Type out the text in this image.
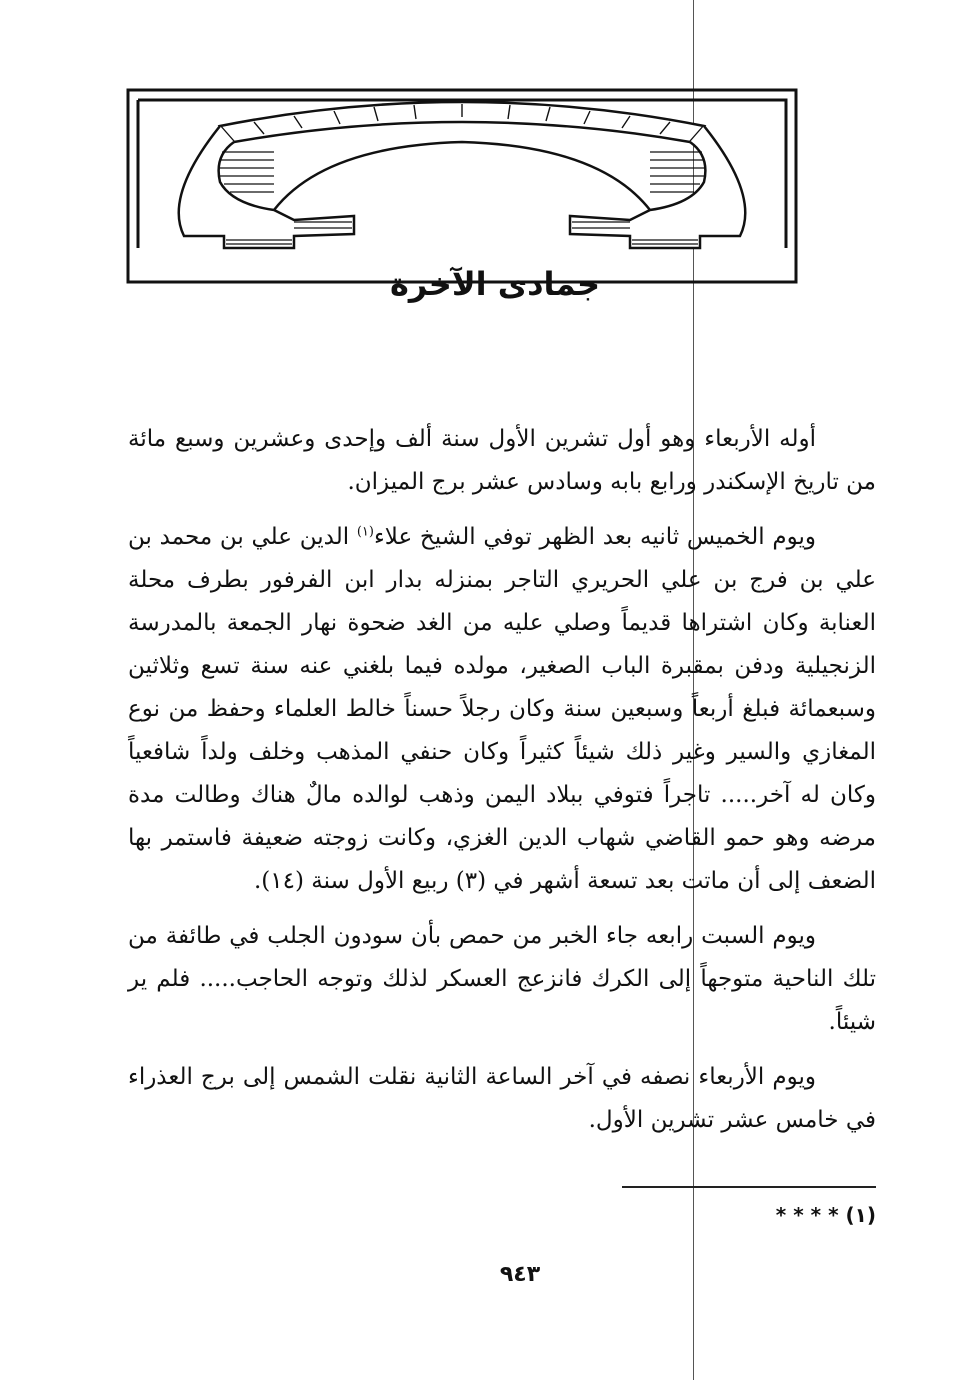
جمادى الآخرة

أوله الأربعاء وهو أول تشرين الأول سنة ألف وإحدى وعشرين وسبع مائة من تاريخ الإسكندر ورابع بابه وسادس عشر برج الميزان.

ويوم الخميس ثانيه بعد الظهر توفي الشيخ علاء$^{(١)}$ الدين علي بن محمد بن علي بن فرج بن علي الحريري التاجر بمنزله بدار ابن الفرفور بطرف محلة العنابة وكان اشتراها قديماً وصلي عليه من الغد ضحوة نهار الجمعة بالمدرسة الزنجيلية ودفن بمقبرة الباب الصغير، مولده فيما بلغني عنه سنة تسع وثلاثين وسبعمائة فبلغ أربعاً وسبعين سنة وكان رجلاً حسناً خالط العلماء وحفظ من نوع المغازي والسير وغير ذلك شيئاً كثيراً وكان حنفي المذهب وخلف ولداً شافعياً وكان له آخر..... تاجراً فتوفي ببلاد اليمن وذهب لوالده مالٌ هناك وطالت مدة مرضه وهو حمو القاضي شهاب الدين الغزي، وكانت زوجته ضعيفة فاستمر بها الضعف إلى أن ماتت بعد تسعة أشهر في (٣) ربيع الأول سنة (١٤).

ويوم السبت رابعه جاء الخبر من حمص بأن سودون الجلب في طائفة من تلك الناحية متوجهاً إلى الكرك فانزعج العسكر لذلك وتوجه الحاجب..... فلم ير شيئاً.

ويوم الأربعاء نصفه في آخر الساعة الثانية نقلت الشمس إلى برج العذراء في خامس عشر تشرين الأول.

(١) * * * *
٩٤٣
